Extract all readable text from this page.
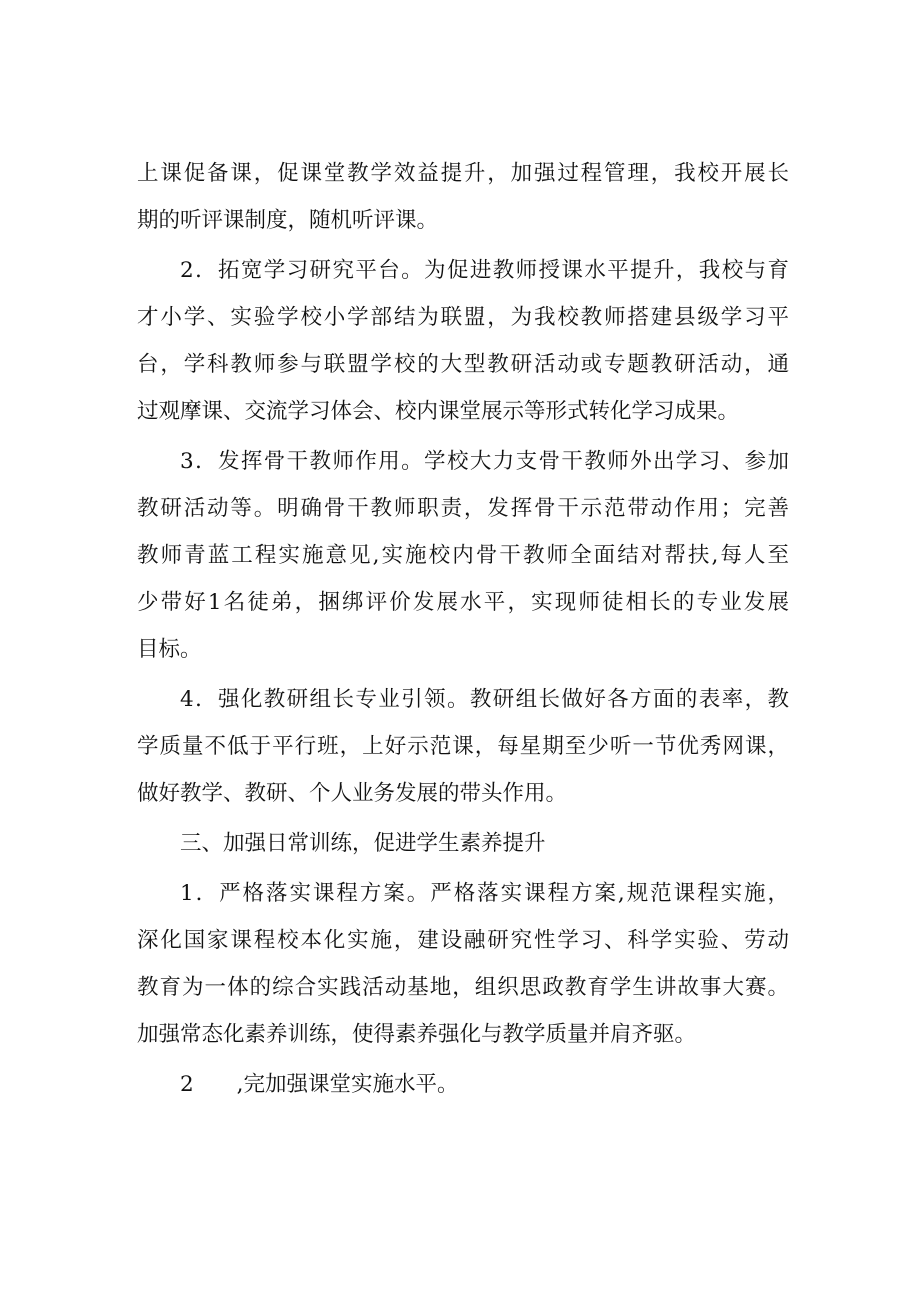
上课促备课，促课堂教学效益提升，加强过程管理，我校开展长
期的听评课制度，随机听评课。
2．拓宽学习研究平台。为促进教师授课水平提升，我校与育
才小学、实验学校小学部结为联盟，为我校教师搭建县级学习平
台，学科教师参与联盟学校的大型教研活动或专题教研活动，通
过观摩课、交流学习体会、校内课堂展示等形式转化学习成果。
3．发挥骨干教师作用。学校大力支骨干教师外出学习、参加
教研活动等。明确骨干教师职责，发挥骨干示范带动作用；完善
教师青蓝工程实施意见,实施校内骨干教师全面结对帮扶,每人至
少带好1名徒弟，捆绑评价发展水平，实现师徒相长的专业发展
目标。
4．强化教研组长专业引领。教研组长做好各方面的表率，教
学质量不低于平行班，上好示范课，每星期至少听一节优秀网课，
做好教学、教研、个人业务发展的带头作用。
三、加强日常训练，促进学生素养提升
1．严格落实课程方案。严格落实课程方案,规范课程实施，
深化国家课程校本化实施，建设融研究性学习、科学实验、劳动
教育为一体的综合实践活动基地，组织思政教育学生讲故事大赛。
加强常态化素养训练，使得素养强化与教学质量并肩齐驱。
2　　,完加强课堂实施水平。
